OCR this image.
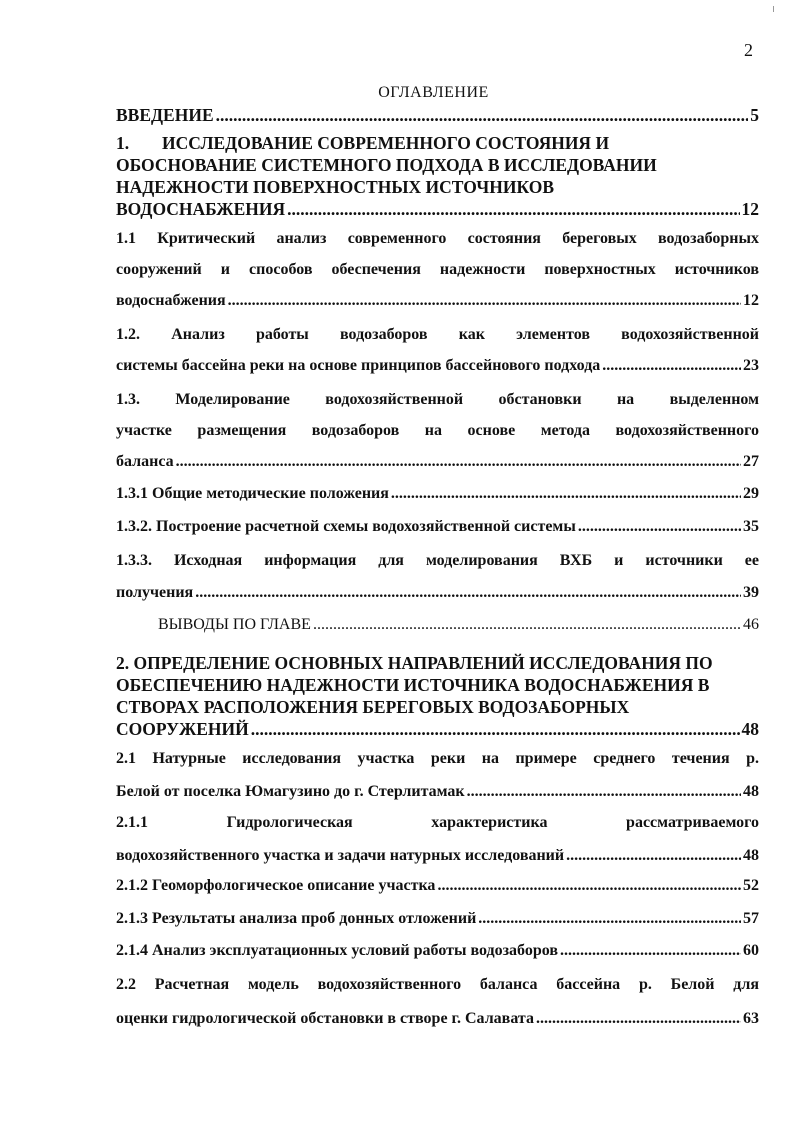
2
ОГЛАВЛЕНИЕ
ВВЕДЕНИЕ .....	5
1.	ИССЛЕДОВАНИЕ СОВРЕМЕННОГО СОСТОЯНИЯ И
ОБОСНОВАНИЕ СИСТЕМНОГО ПОДХОДА В ИССЛЕДОВАНИИ
НАДЕЖНОСТИ ПОВЕРХНОСТНЫХ ИСТОЧНИКОВ
ВОДОСНАБЖЕНИЯ .....	12
1.1 Критический анализ современного состояния береговых водозаборных
сооружений и способов обеспечения надежности поверхностных источников
водоснабжения .....	12
1.2. Анализ работы водозаборов как элементов водохозяйственной
системы бассейна реки на основе принципов бассейнового подхода .....	23
1.3. Моделирование водохозяйственной обстановки на выделенном
участке размещения водозаборов на основе метода водохозяйственного
баланса .....	27
1.3.1 Общие методические положения .....	29
1.3.2. Построение расчетной схемы водохозяйственной системы .....	35
1.3.3. Исходная информация для моделирования ВХБ и источники ее
получения .....	39
ВЫВОДЫ ПО ГЛАВЕ .....	46
2. ОПРЕДЕЛЕНИЕ ОСНОВНЫХ НАПРАВЛЕНИЙ ИССЛЕДОВАНИЯ ПО
ОБЕСПЕЧЕНИЮ НАДЕЖНОСТИ ИСТОЧНИКА ВОДОСНАБЖЕНИЯ В
СТВОРАХ РАСПОЛОЖЕНИЯ БЕРЕГОВЫХ ВОДОЗАБОРНЫХ
СООРУЖЕНИЙ .....	48
2.1 Натурные исследования участка реки на примере среднего течения р.
Белой от поселка Юмагузино до г. Стерлитамак .....	48
2.1.1 Гидрологическая характеристика рассматриваемого
водохозяйственного участка и задачи натурных исследований .....	48
2.1.2 Геоморфологическое описание участка .....	52
2.1.3 Результаты анализа проб донных отложений .....	57
2.1.4 Анализ эксплуатационных условий работы водозаборов .....	60
2.2 Расчетная модель водохозяйственного баланса бассейна р. Белой для
оценки гидрологической обстановки в створе г. Салавата .....	63
